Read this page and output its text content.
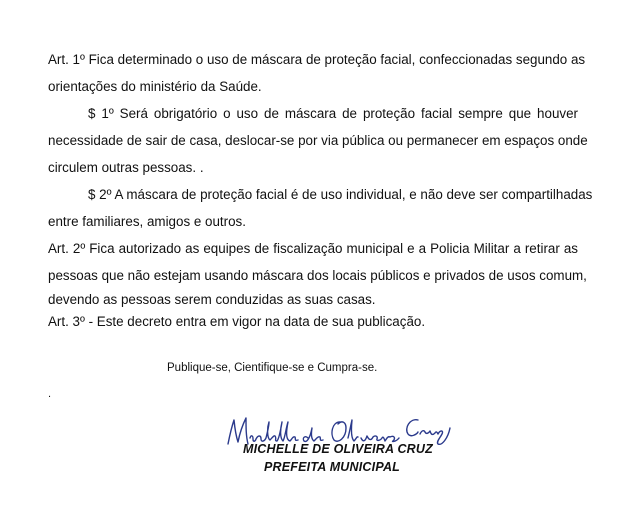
Art. 1º Fica determinado o uso de máscara de proteção facial, confeccionadas segundo as
orientações do ministério da Saúde.
$ 1º Será obrigatório o uso de máscara de proteção facial sempre que houver
necessidade de sair de casa, deslocar-se por via pública ou permanecer em espaços onde
circulem outras pessoas. .
$ 2º A máscara de proteção facial é de uso individual, e não deve ser compartilhadas
entre familiares, amigos e outros.
Art. 2º Fica autorizado as equipes de fiscalização municipal e a Policia Militar a retirar as
pessoas que não estejam usando máscara dos locais públicos e privados de usos comum,
devendo as pessoas serem conduzidas as suas casas.
Art. 3º - Este decreto entra em vigor na data de sua publicação.
Publique-se, Cientifique-se e Cumpra-se.
.
MICHELLE DE OLIVEIRA CRUZ
PREFEITA MUNICIPAL
